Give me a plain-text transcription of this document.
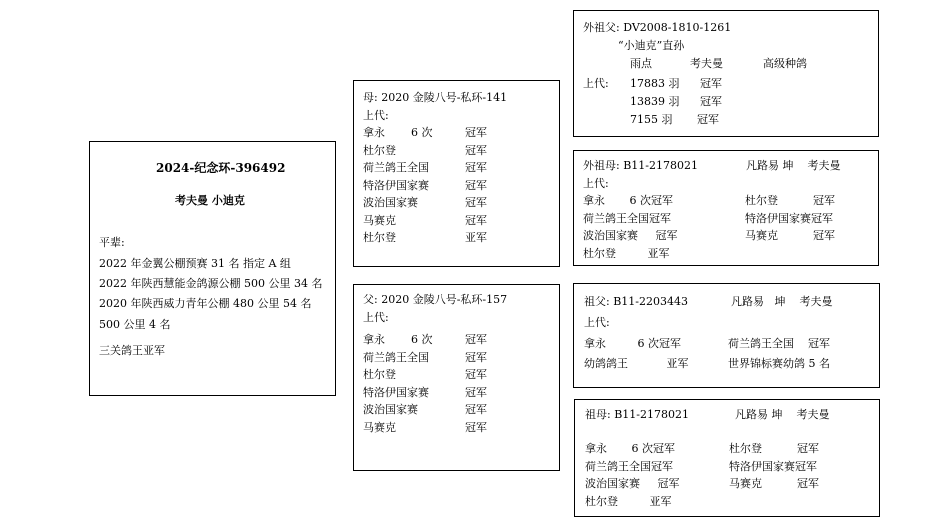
2024-纪念环-396492
考夫曼 小迪克
平辈:
2022 年金翼公棚预赛 31 名 指定 A 组
2022 年陕西慧能金鸽源公棚 500 公里 34 名
2020 年陕西威力青年公棚 480 公里 54 名
500 公里 4 名
三关鸽王亚军
母: 2020 金陵八号-私环-141
上代:
拿永 6 次	冠军
杜尔登	冠军
荷兰鸽王全国	冠军
特洛伊国家赛	冠军
波治国家赛	冠军
马赛克	冠军
杜尔登	亚军
父: 2020 金陵八号-私环-157
上代:
拿永 6 次	冠军
荷兰鸽王全国	冠军
杜尔登	冠军
特洛伊国家赛	冠军
波治国家赛	冠军
马赛克	冠军
外祖父: DV2008-1810-1261
“小迪克”直孙
雨点	考夫曼	高级种鸽
上代: 17883 羽 冠军
13839 羽 冠军
7155 羽 冠军
外祖母: B11-2178021	凡路易 坤    考夫曼
上代:
拿永       6 次冠军	杜尔登          冠军
荷兰鸽王全国冠军	特洛伊国家赛冠军
波治国家赛     冠军	马赛克          冠军
杜尔登         亚军
祖父: B11-2203443	凡路易   坤    考夫曼
上代:
拿永         6 次冠军	荷兰鸽王全国    冠军
幼鸽鸽王           亚军	世界锦标赛幼鸽 5 名
祖母: B11-2178021	凡路易 坤    考夫曼
拿永       6 次冠军	杜尔登          冠军
荷兰鸽王全国冠军	特洛伊国家赛冠军
波治国家赛     冠军	马赛克          冠军
杜尔登         亚军
